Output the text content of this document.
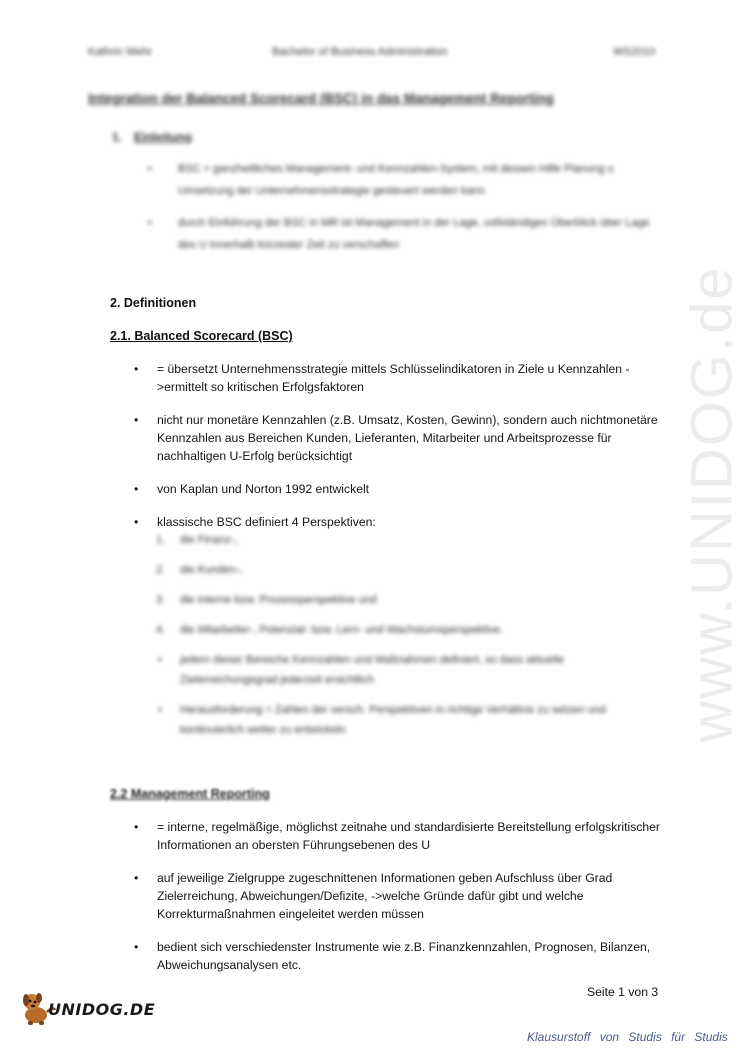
www.UNIDOG.de
Kathrin Wehr	Bachelor of Business Administration	WS2010
Integration der Balanced Scorecard (BSC) in das Management Reporting
1. Einleitung
• BSC = ganzheitliches Management- und Kennzahlen-System, mit dessen Hilfe Planung u Umsetzung der Unternehmensstrategie gesteuert werden kann
• durch Einführung der BSC in MR ist Management in der Lage, vollständigen Überblick über Lage des U innerhalb kürzester Zeit zu verschaffen
2. Definitionen
2.1. Balanced Scorecard (BSC)
• = übersetzt Unternehmensstrategie mittels Schlüsselindikatoren in Ziele u Kennzahlen ->ermittelt so kritischen Erfolgsfaktoren
• nicht nur monetäre Kennzahlen (z.B. Umsatz, Kosten, Gewinn), sondern auch nichtmonetäre Kennzahlen aus Bereichen Kunden, Lieferanten, Mitarbeiter und Arbeitsprozesse für nachhaltigen U-Erfolg berücksichtigt
• von Kaplan und Norton 1992 entwickelt
• klassische BSC definiert 4 Perspektiven:
1. die Finanz-,
2. die Kunden-,
3. die interne bzw. Prozessperspektive und
4. die Mitarbeiter-, Potenzial- bzw. Lern- und Wachstumsperspektive.
• jedem dieser Bereiche Kennzahlen und Maßnahmen definiert, so dass aktuelle Zielerreichungsgrad jederzeit ersichtlich
• Herausforderung = Zahlen der versch. Perspektiven in richtige Verhältnis zu setzen und kontinuierlich weiter zu entwickeln
2.2 Management Reporting
• = interne, regelmäßige, möglichst zeitnahe und standardisierte Bereitstellung erfolgskritischer Informationen an obersten Führungsebenen des U
• auf jeweilige Zielgruppe zugeschnittenen Informationen geben Aufschluss über Grad Zielerreichung, Abweichungen/Defizite, ->welche Gründe dafür gibt und welche Korrekturmaßnahmen eingeleitet werden müssen
• bedient sich verschiedenster Instrumente wie z.B. Finanzkennzahlen, Prognosen, Bilanzen, Abweichungsanalysen etc.
Seite 1 von 3
UNIDOG.DE
Klausurstoff von Studis für Studis
